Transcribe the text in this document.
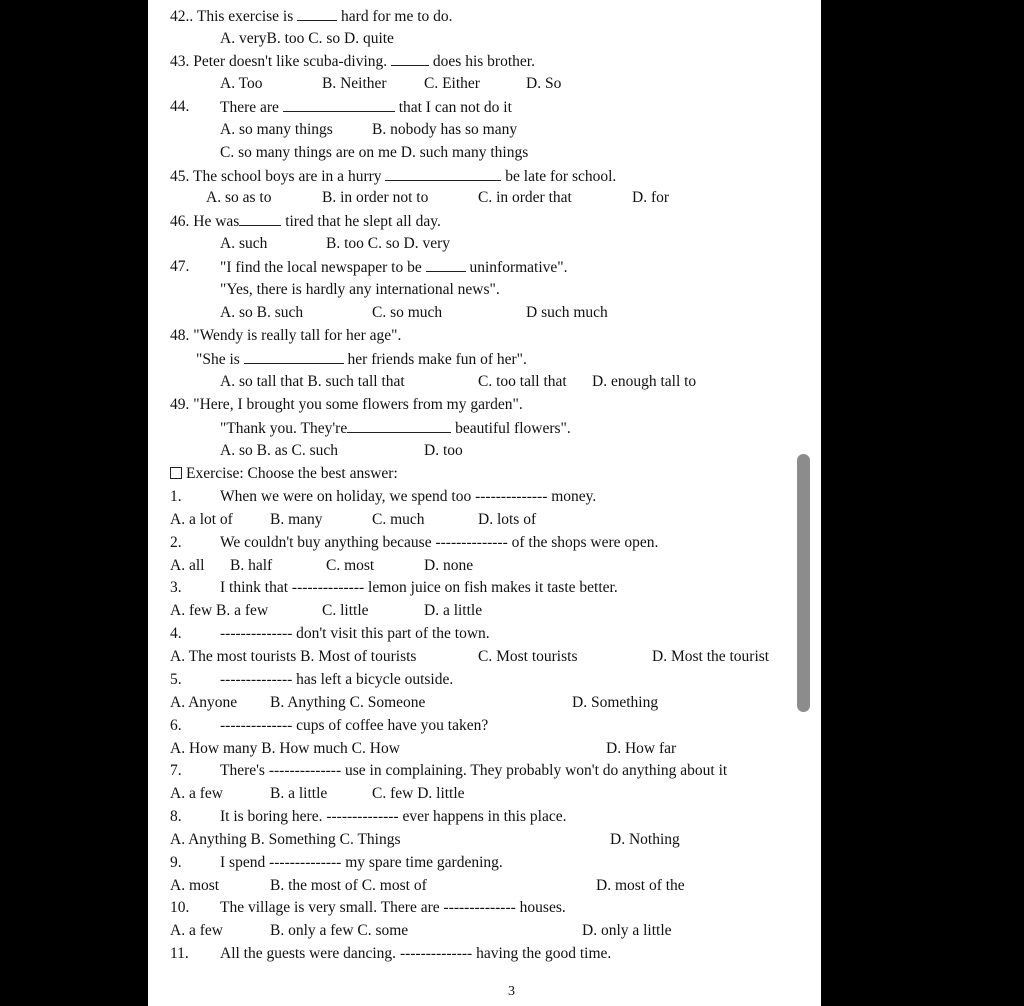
42.. This exercise is	hard for me to do.
A. veryB. too C. so D. quite
43. Peter doesn't like scuba-diving.	does his brother.
A. Too	B. Neither C. Either	D. So
44. There are	that I can not do it
A. so many things	B. nobody has so many
C. so many things are on me D. such many things
45. The school boys are in a hurry	be late for school.
A. so as to	B. in order not to	C. in order that	D. for
46. He was	tired that he slept all day.
A. such	B. too C. so D. very
47. "I find the local newspaper to be	uninformative".
"Yes, there is hardly any international news".
A. so B. such	C. so much	D such much
48. "Wendy is really tall for her age".
"She is	her friends make fun of her".
A. so tall that B. such tall that	C. too tall that D. enough tall to
49. "Here, I brought you some flowers from my garden".
"Thank you. They're	beautiful flowers".
A. so B. as C. such	D. too
Exercise: Choose the best answer:
1. When we were on holiday, we spend too -------------- money.
A. a lot of B. many	C. much	D. lots of
2. We couldn't buy anything because -------------- of the shops were open.
A. all B. half	C. most	D. none
3. I think that -------------- lemon juice on fish makes it taste better.
A. few B. a few	C. little	D. a little
4. -------------- don't visit this part of the town.
A. The most tourists B. Most of tourists	C. Most tourists	D. Most the tourist
5. -------------- has left a bicycle outside.
A. Anyone B. Anything C. Someone	D. Something
6. -------------- cups of coffee have you taken?
A. How many B. How much C. How	D. How far
7. There's -------------- use in complaining. They probably won't do anything about it
A. a few	B. a little	C. few D. little
8. It is boring here. -------------- ever happens in this place.
A. Anything B. Something C. Things	D. Nothing
9. I spend -------------- my spare time gardening.
A. most	B. the most of C. most of	D. most of the
10. The village is very small. There are -------------- houses.
A. a few	B. only a few C. some	D. only a little
11. All the guests were dancing. -------------- having the good time.
3
